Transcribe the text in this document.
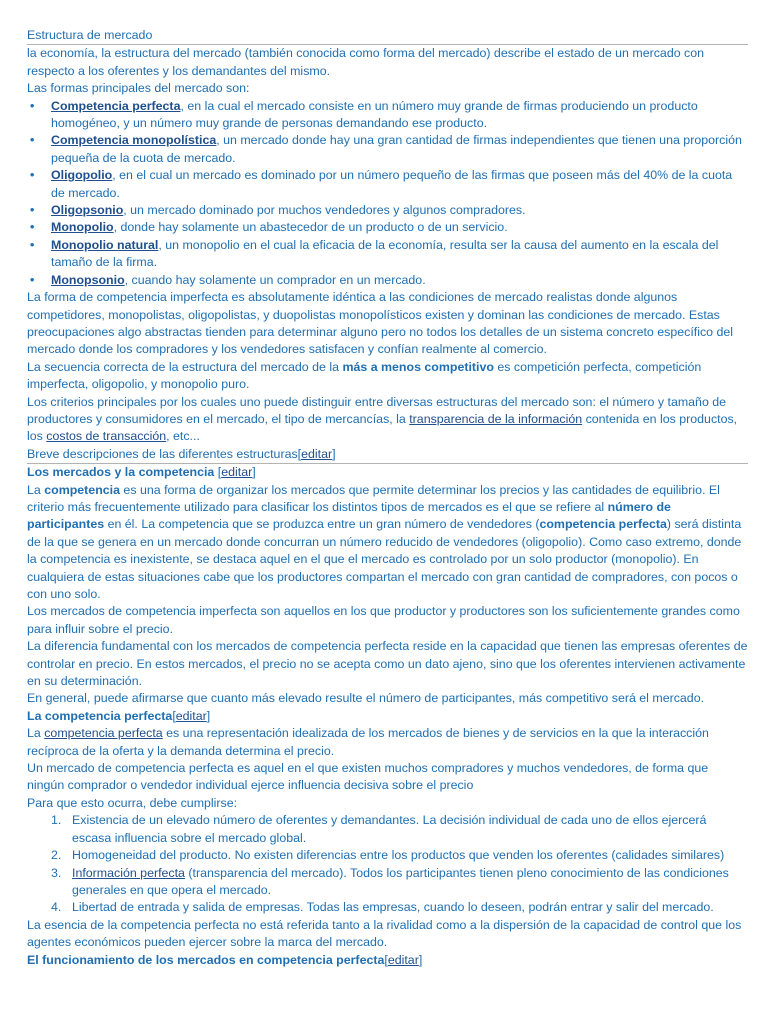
Estructura de mercado
la economía, la estructura del mercado (también conocida como forma del mercado) describe el estado de un mercado con respecto a los oferentes y los demandantes del mismo.
Las formas principales del mercado son:
• Competencia perfecta, en la cual el mercado consiste en un número muy grande de firmas produciendo un producto homogéneo, y un número muy grande de personas demandando ese producto.
• Competencia monopolística, un mercado donde hay una gran cantidad de firmas independientes que tienen una proporción pequeña de la cuota de mercado.
• Oligopolio, en el cual un mercado es dominado por un número pequeño de las firmas que poseen más del 40% de la cuota de mercado.
• Oligopsonio, un mercado dominado por muchos vendedores y algunos compradores.
• Monopolio, donde hay solamente un abastecedor de un producto o de un servicio.
• Monopolio natural, un monopolio en el cual la eficacia de la economía, resulta ser la causa del aumento en la escala del tamaño de la firma.
• Monopsonio, cuando hay solamente un comprador en un mercado.
La forma de competencia imperfecta es absolutamente idéntica a las condiciones de mercado realistas donde algunos competidores, monopolistas, oligopolistas, y duopolistas monopolísticos existen y dominan las condiciones de mercado. Estas preocupaciones algo abstractas tienden para determinar alguno pero no todos los detalles de un sistema concreto específico del mercado donde los compradores y los vendedores satisfacen y confían realmente al comercio.
La secuencia correcta de la estructura del mercado de la más a menos competitivo es competición perfecta, competición imperfecta, oligopolio, y monopolio puro.
Los criterios principales por los cuales uno puede distinguir entre diversas estructuras del mercado son: el número y tamaño de productores y consumidores en el mercado, el tipo de mercancías, la transparencia de la información contenida en los productos, los costos de transacción, etc...
Breve descripciones de las diferentes estructuras[editar]
Los mercados y la competencia [editar]
La competencia es una forma de organizar los mercados que permite determinar los precios y las cantidades de equilibrio. El criterio más frecuentemente utilizado para clasificar los distintos tipos de mercados es el que se refiere al número de participantes en él. La competencia que se produzca entre un gran número de vendedores (competencia perfecta) será distinta de la que se genera en un mercado donde concurran un número reducido de vendedores (oligopolio). Como caso extremo, donde la competencia es inexistente, se destaca aquel en el que el mercado es controlado por un solo productor (monopolio). En cualquiera de estas situaciones cabe que los productores compartan el mercado con gran cantidad de compradores, con pocos o con uno solo.
Los mercados de competencia imperfecta son aquellos en los que productor y productores son los suficientemente grandes como para influir sobre el precio.
La diferencia fundamental con los mercados de competencia perfecta reside en la capacidad que tienen las empresas oferentes de controlar en precio. En estos mercados, el precio no se acepta como un dato ajeno, sino que los oferentes intervienen activamente en su determinación.
En general, puede afirmarse que cuanto más elevado resulte el número de participantes, más competitivo será el mercado.
La competencia perfecta[editar]
La competencia perfecta es una representación idealizada de los mercados de bienes y de servicios en la que la interacción recíproca de la oferta y la demanda determina el precio.
Un mercado de competencia perfecta es aquel en el que existen muchos compradores y muchos vendedores, de forma que ningún comprador o vendedor individual ejerce influencia decisiva sobre el precio
Para que esto ocurra, debe cumplirse:
1. Existencia de un elevado número de oferentes y demandantes. La decisión individual de cada uno de ellos ejercerá escasa influencia sobre el mercado global.
2. Homogeneidad del producto. No existen diferencias entre los productos que venden los oferentes (calidades similares)
3. Información perfecta (transparencia del mercado). Todos los participantes tienen pleno conocimiento de las condiciones generales en que opera el mercado.
4. Libertad de entrada y salida de empresas. Todas las empresas, cuando lo deseen, podrán entrar y salir del mercado.
La esencia de la competencia perfecta no está referida tanto a la rivalidad como a la dispersión de la capacidad de control que los agentes económicos pueden ejercer sobre la marca del mercado.
El funcionamiento de los mercados en competencia perfecta[editar]
